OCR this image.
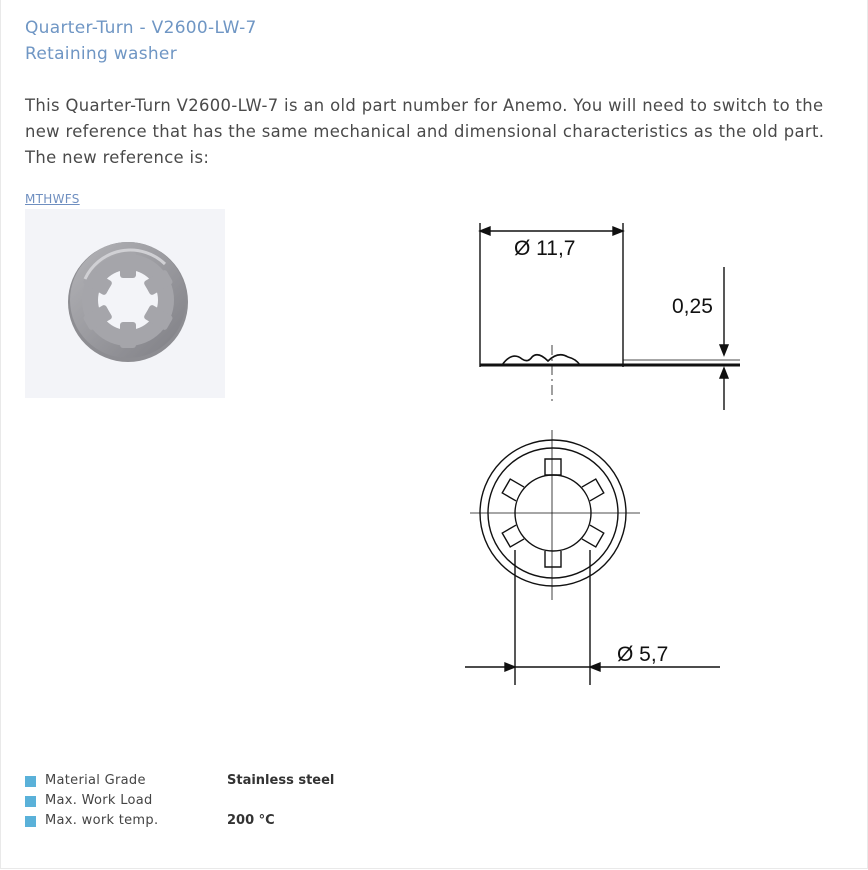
Quarter-Turn - V2600-LW-7
Retaining washer

This Quarter-Turn V2600-LW-7 is an old part number for Anemo. You will need to switch to the new reference that has the same mechanical and dimensional characteristics as the old part. The new reference is:

MTHWFS
Ø 11,7
0,25
Ø 5,7
Material Grade	Stainless steel
Max. Work Load
Max. work temp.	200 °C
